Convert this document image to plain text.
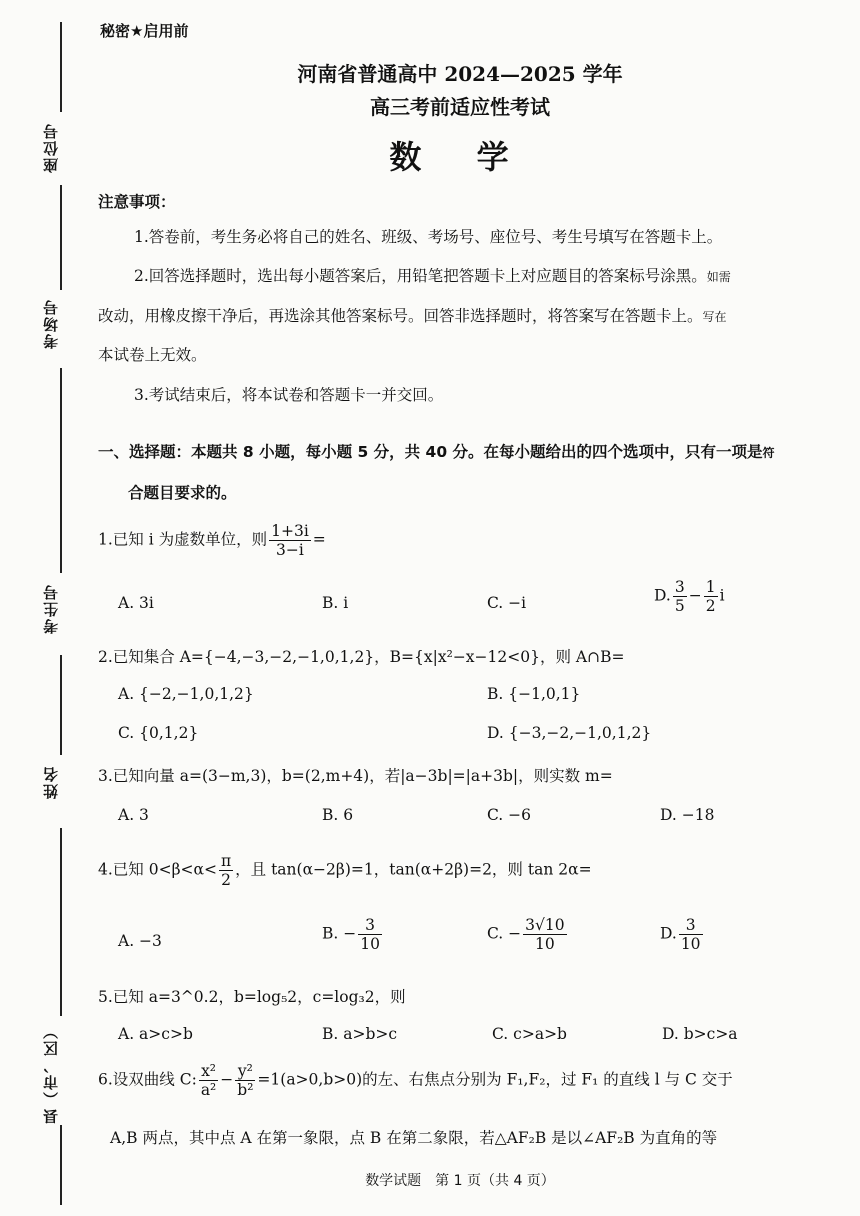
座位号
考场号
考生号
姓名
县（市、区）
秘密★启用前
河南省普通高中 2024—2025 学年
高三考前适应性考试
数 学
注意事项：
1.答卷前，考生务必将自己的姓名、班级、考场号、座位号、考生号填写在答题卡上。
2.回答选择题时，选出每小题答案后，用铅笔把答题卡上对应题目的答案标号涂黑。如需
改动，用橡皮擦干净后，再选涂其他答案标号。回答非选择题时，将答案写在答题卡上。写在
本试卷上无效。
3.考试结束后，将本试卷和答题卡一并交回。
一、选择题：本题共 8 小题，每小题 5 分，共 40 分。在每小题给出的四个选项中，只有一项是符
合题目要求的。
1.已知 i 为虚数单位，则 $\frac{1+3i}{3-i}$ =
A. 3i	B. i	C. −i	D. $\frac{3}{5} - \frac{1}{2}$ i
2.已知集合 A={−4,−3,−2,−1,0,1,2}，B={x|x²−x−12<0}，则 A∩B=
A. {−2,−1,0,1,2}	B. {−1,0,1}
C. {0,1,2}	D. {−3,−2,−1,0,1,2}
3.已知向量 a=(3−m,3)，b=(2,m+4)，若|a−3b|=|a+3b|，则实数 m=
A. 3	B. 6	C. −6	D. −18
4.已知 $0<\beta<\alpha< \frac{\pi}{2}$ ，且 tan(α−2β)=1，tan(α+2β)=2，则 tan 2α=
A. −3	B. − $\frac{3}{10}$	C. − $\frac{3√10}{10}$	D. $\frac{3}{10}$
5.已知 a=3^0.2，b=log₅2，c=log₃2，则
A. a>c>b	B. a>b>c	C. c>a>b	D. b>c>a
6.设双曲线 C: $\frac{\text{x²}}{\text{a²}} - \frac{\text{y²}}{\text{b²}} =1(a>0,b>0)$的左、右焦点分别为 F₁,F₂，过 F₁ 的直线 l 与 C 交于
A,B 两点，其中点 A 在第一象限，点 B 在第二象限，若△AF₂B 是以∠AF₂B 为直角的等
数学试题　第 1 页（共 4 页）
